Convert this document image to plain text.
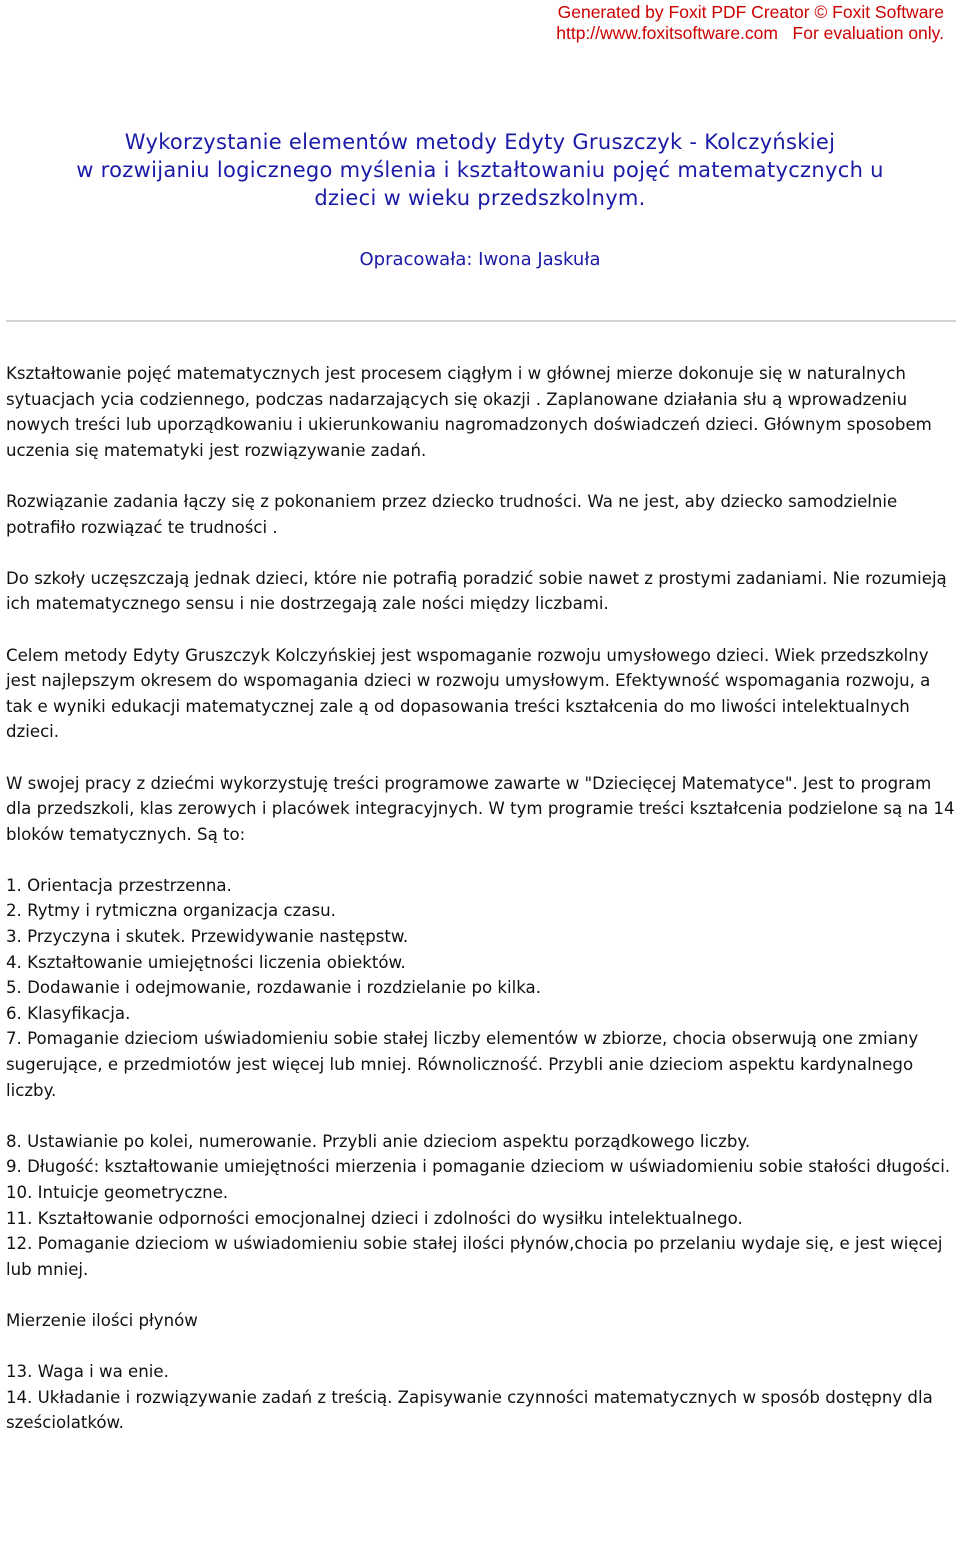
Generated by Foxit PDF Creator © Foxit Software
http://www.foxitsoftware.com   For evaluation only.
Wykorzystanie elementów metody Edyty Gruszczyk - Kolczyńskiej
w rozwijaniu logicznego myślenia i kształtowaniu pojęć matematycznych u
dzieci w wieku przedszkolnym.
Opracowała: Iwona Jaskuła

Kształtowanie pojęć matematycznych jest procesem ciągłym i w głównej mierze dokonuje się w naturalnych sytuacjach ycia codziennego, podczas nadarzających się okazji . Zaplanowane działania słu ą wprowadzeniu nowych treści lub uporządkowaniu i ukierunkowaniu nagromadzonych doświadczeń dzieci. Głównym sposobem uczenia się matematyki jest rozwiązywanie zadań.

Rozwiązanie zadania łączy się z pokonaniem przez dziecko trudności. Wa ne jest, aby dziecko samodzielnie potrafiło rozwiązać te trudności .

Do szkoły uczęszczają jednak dzieci, które nie potrafią poradzić sobie nawet z prostymi zadaniami. Nie rozumieją ich matematycznego sensu i nie dostrzegają zale ności między liczbami.

Celem metody Edyty Gruszczyk Kolczyńskiej jest wspomaganie rozwoju umysłowego dzieci. Wiek przedszkolny jest najlepszym okresem do wspomagania dzieci w rozwoju umysłowym. Efektywność wspomagania rozwoju, a tak e wyniki edukacji matematycznej zale ą od dopasowania treści kształcenia do mo liwości intelektualnych dzieci.

W swojej pracy z dziećmi wykorzystuję treści programowe zawarte w "Dziecięcej Matematyce". Jest to program dla przedszkoli, klas zerowych i placówek integracyjnych. W tym programie treści kształcenia podzielone są na 14 bloków tematycznych. Są to:

1. Orientacja przestrzenna.
2. Rytmy i rytmiczna organizacja czasu.
3. Przyczyna i skutek. Przewidywanie następstw.
4. Kształtowanie umiejętności liczenia obiektów.
5. Dodawanie i odejmowanie, rozdawanie i rozdzielanie po kilka.
6. Klasyfikacja.
7. Pomaganie dzieciom uświadomieniu sobie stałej liczby elementów w zbiorze, chocia obserwują one zmiany sugerujące, e przedmiotów jest więcej lub mniej. Równoliczność. Przybli anie dzieciom aspektu kardynalnego liczby.
8. Ustawianie po kolei, numerowanie. Przybli anie dzieciom aspektu porządkowego liczby.
9. Długość: kształtowanie umiejętności mierzenia i pomaganie dzieciom w uświadomieniu sobie stałości długości.
10. Intuicje geometryczne.
11. Kształtowanie odporności emocjonalnej dzieci i zdolności do wysiłku intelektualnego.
12. Pomaganie dzieciom w uświadomieniu sobie stałej ilości płynów,chocia po przelaniu wydaje się, e jest więcej lub mniej.

Mierzenie ilości płynów

13. Waga i wa enie.
14. Układanie i rozwiązywanie zadań z treścią. Zapisywanie czynności matematycznych w sposób dostępny dla sześciolatków.
